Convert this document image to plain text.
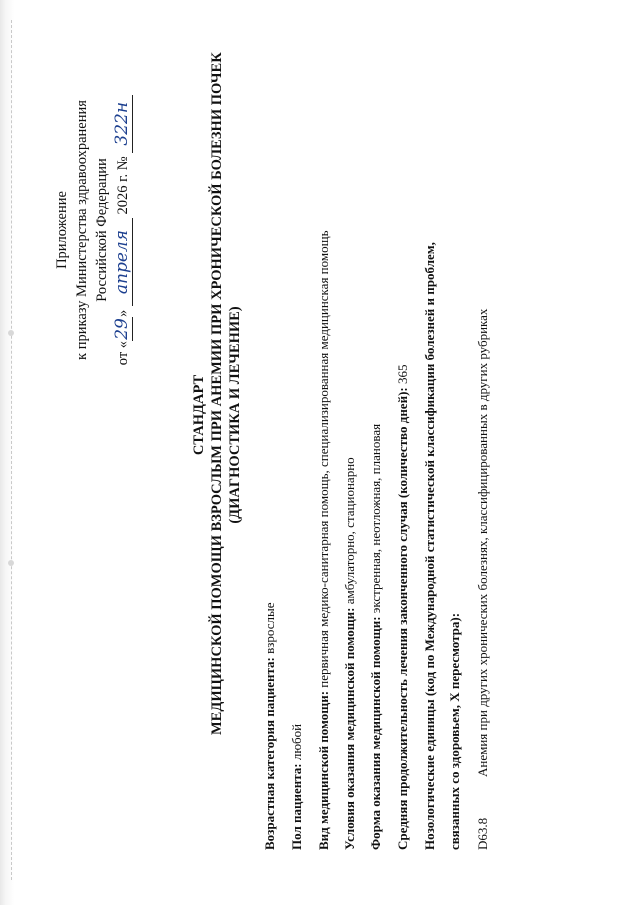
Приложение к приказу Министерства здравоохранения Российской Федерации
от «29» апреля 2026 г. № 322н
СТАНДАРТ МЕДИЦИНСКОЙ ПОМОЩИ ВЗРОСЛЫМ ПРИ АНЕМИИ ПРИ ХРОНИЧЕСКОЙ БОЛЕЗНИ ПОЧЕК (ДИАГНОСТИКА И ЛЕЧЕНИЕ)
Возрастная категория пациента: взрослые
Пол пациента: любой Вид медицинской помощи: первичная медико-санитарная помощь, специализированная медицинская помощь
Условия оказания медицинской помощи: амбулаторно, стационарно
Форма оказания медицинской помощи: экстренная, неотложная, плановая Средняя продолжительность лечения законченного случая (количество дней): 365 Нозологические единицы (код по Международной статистической классификации болезней и проблем, связанных со здоровьем, X пересмотра): D63.8
Анемия при других хронических болезнях, классифицированных в других рубриках
